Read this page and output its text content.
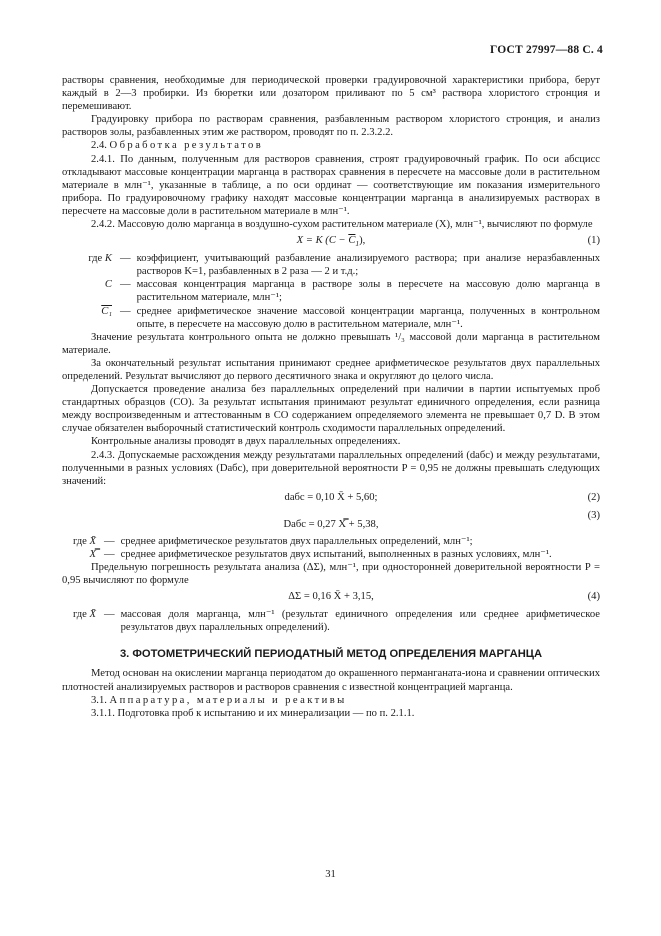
ГОСТ 27997—88 С. 4

растворы сравнения, необходимые для периодической проверки градуировочной характеристики прибора, берут каждый в 2—3 пробирки. Из бюретки или дозатором приливают по 5 см³ раствора хлористого стронция и перемешивают.

Градуировку прибора по растворам сравнения, разбавленным раствором хлористого стронция, и анализ растворов золы, разбавленных этим же раствором, проводят по п. 2.3.2.2.

2.4. Обработка результатов

2.4.1. По данным, полученным для растворов сравнения, строят градуировочный график. По оси абсцисс откладывают массовые концентрации марганца в растворах сравнения в пересчете на массовые доли в растительном материале в млн⁻¹, указанные в таблице, а по оси ординат — соответствующие им показания измерительного прибора. По градуировочному графику находят массовые концентрации марганца в анализируемых растворах в пересчете на массовые доли в растительном материале в млн⁻¹.

2.4.2. Массовую долю марганца в воздушно-сухом растительном материале (X), млн⁻¹, вычисляют по формуле

X = K $(C - \overline{C}_1)$,	(1)
где K — коэффициент, учитывающий разбавление анализируемого раствора; при анализе неразбавленных растворов K=1, разбавленных в 2 раза — 2 и т.д.;
C — массовая концентрация марганца в растворе золы в пересчете на массовую долю марганца в растительном материале, млн⁻¹;
C₁ — среднее арифметическое значение массовой концентрации марганца, полученных в контрольном опыте, в пересчете на массовую долю в растительном материале, млн⁻¹.

Значение результата контрольного опыта не должно превышать ¹/₃ массовой доли марганца в растительном материале.

За окончательный результат испытания принимают среднее арифметическое результатов двух параллельных определений. Результат вычисляют до первого десятичного знака и округляют до целого числа.

Допускается проведение анализа без параллельных определений при наличии в партии испытуемых проб стандартных образцов (СО). За результат испытания принимают результат единичного определения, если разница между воспроизведенным и аттестованным в СО содержанием определяемого элемента не превышает 0,7 D. В этом случае обязателен выборочный статистический контроль сходимости параллельных определений.

Контрольные анализы проводят в двух параллельных определениях.

2.4.3. Допускаемые расхождения между результатами параллельных определений (dабс) и между результатами, полученными в разных условиях (Dабс), при доверительной вероятности P = 0,95 не должны превышать следующих значений:

dабс = 0,10 X̄ + 5,60;	(2)
Dабс = 0,27 X̿ + 5,38,
(3)
где X̄ — среднее арифметическое результатов двух параллельных определений, млн⁻¹;
X̿ — среднее арифметическое результатов двух испытаний, выполненных в разных условиях, млн⁻¹.

Предельную погрешность результата анализа (ΔΣ), млн⁻¹, при односторонней доверительной вероятности P = 0,95 вычисляют по формуле

ΔΣ = 0,16 X̄ + 3,15,	(4)
где X̄ — массовая доля марганца, млн⁻¹ (результат единичного определения или среднее арифметическое результатов двух параллельных определений).
3. ФОТОМЕТРИЧЕСКИЙ ПЕРИОДАТНЫЙ МЕТОД ОПРЕДЕЛЕНИЯ МАРГАНЦА

Метод основан на окислении марганца периодатом до окрашенного перманганата-иона и сравнении оптических плотностей анализируемых растворов и растворов сравнения с известной концентрацией марганца.

3.1. Аппаратура, материалы и реактивы

3.1.1. Подготовка проб к испытанию и их минерализации — по п. 2.1.1.

31
